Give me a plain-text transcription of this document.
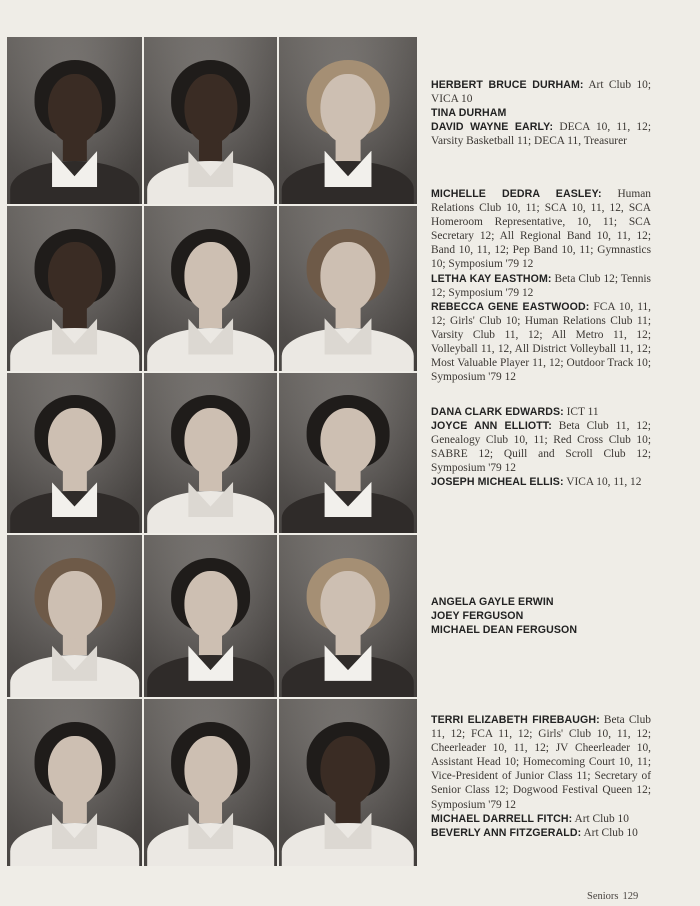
HERBERT BRUCE DURHAM: Art Club 10; VICA 10

TINA DURHAM

DAVID WAYNE EARLY: DECA 10, 11, 12; Varsity Basketball 11; DECA 11, Treasurer

MICHELLE DEDRA EASLEY: Human Relations Club 10, 11; SCA 10, 11, 12, SCA Homeroom Representative, 10, 11; SCA Secretary 12; All Regional Band 10, 11, 12; Band 10, 11, 12; Pep Band 10, 11; Gymnastics 10; Symposium '79 12

LETHA KAY EASTHOM: Beta Club 12; Tennis 12; Symposium '79 12

REBECCA GENE EASTWOOD: FCA 10, 11, 12; Girls' Club 10; Human Relations Club 11; Varsity Club 11, 12; All Metro 11, 12; Volleyball 11, 12, All District Volleyball 11, 12; Most Valuable Player 11, 12; Outdoor Track 10; Symposium '79 12

DANA CLARK EDWARDS: ICT 11

JOYCE ANN ELLIOTT: Beta Club 11, 12; Genealogy Club 10, 11; Red Cross Club 10; SABRE 12; Quill and Scroll Club 12; Symposium '79 12

JOSEPH MICHEAL ELLIS: VICA 10, 11, 12

ANGELA GAYLE ERWIN

JOEY FERGUSON

MICHAEL DEAN FERGUSON

TERRI ELIZABETH FIREBAUGH: Beta Club 11, 12; FCA 11, 12; Girls' Club 10, 11, 12; Cheerleader 10, 11, 12; JV Cheerleader 10, Assistant Head 10; Homecoming Court 10, 11; Vice-President of Junior Class 11; Secretary of Senior Class 12; Dogwood Festival Queen 12; Symposium '79 12

MICHAEL DARRELL FITCH: Art Club 10

BEVERLY ANN FITZGERALD: Art Club 10

Seniors 129
